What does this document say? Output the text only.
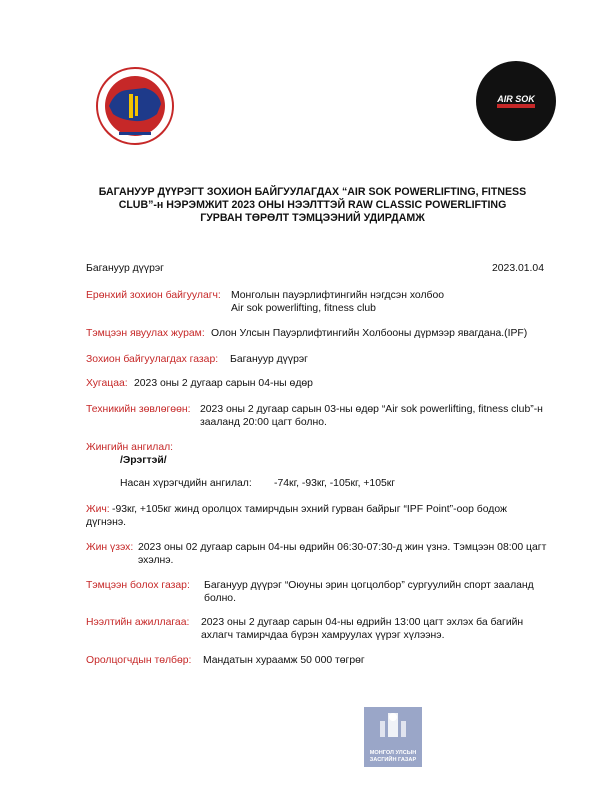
AIR SOK
БАГАНУУР ДҮҮРЭГТ ЗОХИОН БАЙГУУЛАГДАХ “AIR SOK POWERLIFTING, FITNESS
CLUB”-н НЭРЭМЖИТ 2023 ОНЫ НЭЭЛТТЭЙ RAW CLASSIC POWERLIFTING
ГУРВАН ТӨРӨЛТ ТЭМЦЭЭНИЙ УДИРДАМЖ
Багануур дүүрэг	2023.01.04
Ерөнхий зохион байгуулагч: Монголын пауэрлифтингийн нэгдсэн холбоо
Air sok powerlifting, fitness club
Тэмцээн явуулах журам: Олон Улсын Пауэрлифтингийн Холбооны дүрмээр явагдана.(IPF)
Зохион байгуулагдах газар: Багануур дүүрэг
Хугацаа: 2023 оны 2 дугаар сарын 04-ны өдөр
Техникийн зөвлөгөөн: 2023 оны 2 дугаар сарын 03-ны өдөр “Air sok powerlifting, fitness club”-н
зааланд 20:00 цагт болно.
Жингийн ангилал:
/Эрэгтэй/
Насан хүрэгчдийн ангилал: -74кг, -93кг, -105кг, +105кг
Жич: -93кг, +105кг жинд оролцох тамирчдын эхний гурван байрыг “IPF Point”-оор бодож
дүгнэнэ.
Жин үзэх: 2023 оны 02 дугаар сарын 04-ны өдрийн 06:30-07:30-д жин үзнэ. Тэмцээн 08:00 цагт
эхэлнэ.
Тэмцээн болох газар: Багануур дүүрэг “Оюуны эрин цогцолбор” сургуулийн спорт зааланд
болно.
Нээлтийн ажиллагаа: 2023 оны 2 дугаар сарын 04-ны өдрийн 13:00 цагт эхлэх ба багийн
ахлагч тамирчдаа бүрэн хамруулах үүрэг хүлээнэ.
Оролцогчдын төлбөр: Мандатын хураамж 50 000 төгрөг
МОНГОЛ УЛСЫН
ЗАСГИЙН ГАЗАР
